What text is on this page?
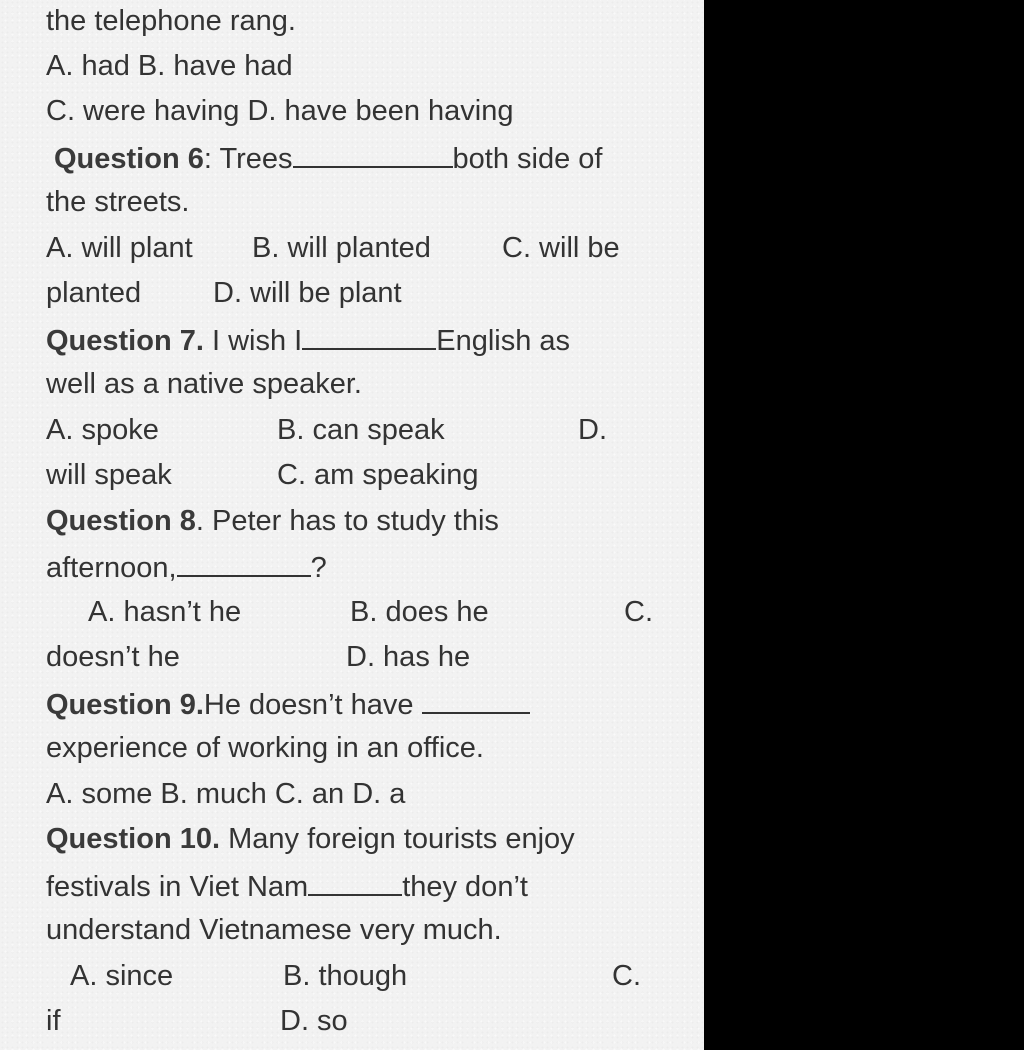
the telephone rang.
A. had B. have had
C. were having D. have been having
Question 6: Trees	both side of
the streets.
A. will plant B. will planted C. will be
planted D. will be plant
Question 7. I wish I	English as
well as a native speaker.
A. spoke	B. can speak	D.
will speak	C. am speaking
Question 8. Peter has to study this
afternoon,	?
A. hasn’t he	B. does he	C.
doesn’t he	D. has he
Question 9.He doesn’t have
experience of working in an office.
A. some B. much C. an D. a
Question 10. Many foreign tourists enjoy
festivals in Viet Nam	they don’t
understand Vietnamese very much.
A. since	B. though	C.
if	D. so
